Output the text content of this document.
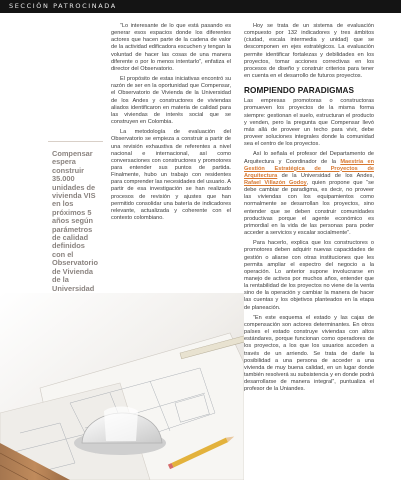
SECCIÓN PATROCINADA
Compensar espera construir 35.000 unidades de vivienda VIS en los próximos 5 años según parámetros de calidad definidos con el Observatorio de Vivienda de la Universidad

“Lo interesante de lo que está pasando es generar esos espacios donde los diferentes actores que hacen parte de la cadena de valor de la actividad edificadora escuchen y tengan la voluntad de hacer las cosas de una manera diferente o por lo menos intentarlo”, enfatiza el director del Observatorio.

El propósito de estas iniciativas encontró su razón de ser en la oportunidad que Compensar, el Observatorio de Vivienda de la Universidad de los Andes y constructores de viviendas aliados identificaron en materia de calidad para las viviendas de interés social que se construyen en Colombia.

La metodología de evaluación del Observatorio se empieza a construir a partir de una revisión exhaustiva de referentes a nivel nacional e internacional, así como conversaciones con constructores y promotores para entender sus puntos de partida. Finalmente, hubo un trabajo con residentes para comprender las necesidades del usuario. A partir de esa investigación se han realizado procesos de revisión y ajustes que han permitido consolidar una batería de indicadores relevante, actualizada y coherente con el contexto colombiano.

Hoy se trata de un sistema de evaluación compuesto por 132 indicadores y tres ámbitos (ciudad, escala intermedia y unidad) que se descomponen en ejes estratégicos. La evaluación permite identificar fortalezas y debilidades en los proyectos, tomar acciones correctivas en los procesos de diseño y construir criterios para tener en cuenta en el desarrollo de futuros proyectos.

ROMPIENDO PARADIGMAS

Las empresas promotoras o constructoras promueven los proyectos de la misma forma siempre: gestionan el suelo, estructuran el producto y venden, pero la pregunta que Compensar llevó más allá de proveer un techo para vivir, debe proveer soluciones integrales donde la comunidad sea el centro de los proyectos.

Así lo señala el profesor del Departamento de Arquitectura y Coordinador de la Maestría en Gestión Estratégica de Proyectos de Arquitectura de la Universidad de los Andes, Rafael Villazón Godoy, quien propone que “se debe cambiar de paradigma, es decir, no proveer las viviendas con los equipamientos como normalmente se desarrollan los proyectos, sino entender que se deben construir comunidades productivas porque el agente económico es primordial en la vida de las personas para poder acceder a servicios y escalar socialmente”.

Para hacerlo, explica que los constructores o promotores deben adquirir nuevas capacidades de gestión o aliarse con otras instituciones que les permita ampliar el espectro del negocio a la operación. Lo anterior supone involucrarse en manejo de activos por muchos años, entender que la rentabilidad de los proyectos no viene de la venta sino de la operación y cambiar la manera de hacer las cuentas y los objetivos planteados en la etapa de planeación.

“En este esquema el estado y las cajas de compensación son actores determinantes. En otros países el estado construye viviendas con altos estándares, porque funcionan como operadores de los proyectos, a los que los usuarios acceden a través de un arriendo. Se trata de darle la posibilidad a una persona de acceder a una vivienda de muy buena calidad, en un lugar donde también resolverá su subsistencia y en donde podrá desarrollarse de manera integral”, puntualiza el profesor de la Uniandes.
